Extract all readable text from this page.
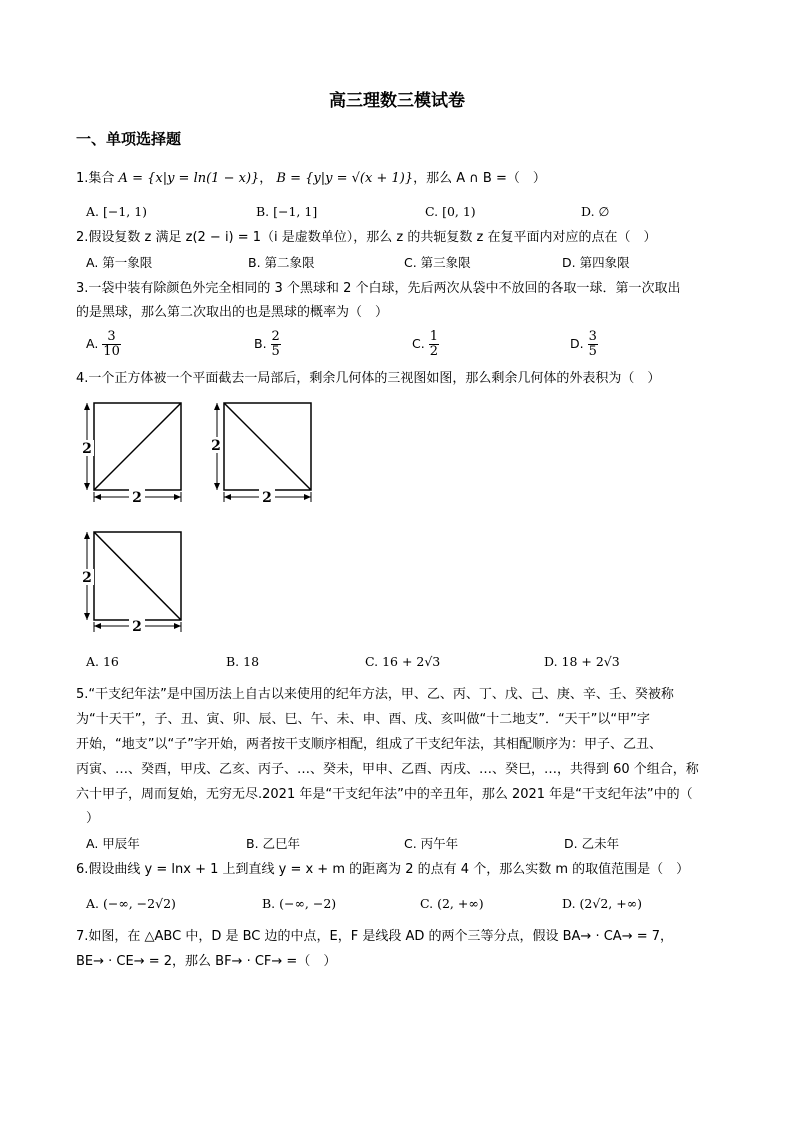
高三理数三模试卷
一、单项选择题
1.集合 A = {x|y = ln(1 − x)}， B = {y|y = √(x + 1)}，那么 A ∩ B =（　）
A. [−1, 1)	B. [−1, 1]	C. [0, 1)	D. ∅
2.假设复数 z 满足 z(2 − i) = 1（i 是虚数单位），那么 z 的共轭复数 z 在复平面内对应的点在（　）
A. 第一象限	B. 第二象限	C. 第三象限	D. 第四象限
3.一袋中装有除颜色外完全相同的 3 个黑球和 2 个白球，先后两次从袋中不放回的各取一球．第一次取出
的是黑球，那么第二次取出的也是黑球的概率为（　）
A. $\frac{3}{10}$	B. $\frac{2}{5}$	C. $\frac{1}{2}$	D. $\frac{3}{5}$
4.一个正方体被一个平面截去一局部后，剩余几何体的三视图如图，那么剩余几何体的外表积为（　）
2
2
2
2
2
2
A. 16	B. 18	C. 16 + 2√3	D. 18 + 2√3
5.“干支纪年法”是中国历法上自古以来使用的纪年方法，甲、乙、丙、丁、戊、己、庚、辛、壬、癸被称
为“十天干”，子、丑、寅、卯、辰、巳、午、未、申、酉、戌、亥叫做“十二地支”．“天干”以“甲”字
开始，“地支”以“子”字开始，两者按干支顺序相配，组成了干支纪年法，其相配顺序为：甲子、乙丑、
丙寅、…、癸酉，甲戌、乙亥、丙子、…、癸未，甲申、乙酉、丙戌、…、癸巳，…，共得到 60 个组合，称
六十甲子，周而复始，无穷无尽.2021 年是“干支纪年法”中的辛丑年，那么 2021 年是“干支纪年法”中的（
）
A. 甲辰年	B. 乙巳年	C. 丙午年	D. 乙未年
6.假设曲线 y = lnx + 1 上到直线 y = x + m 的距离为 2 的点有 4 个，那么实数 m 的取值范围是（　）
A. (−∞, −2√2)	B. (−∞, −2)	C. (2, +∞)	D. (2√2, +∞)
7.如图，在 △ABC 中，D 是 BC 边的中点，E，F 是线段 AD 的两个三等分点，假设 BA→ · CA→ = 7，
BE→ · CE→ = 2，那么 BF→ · CF→ =（　）
